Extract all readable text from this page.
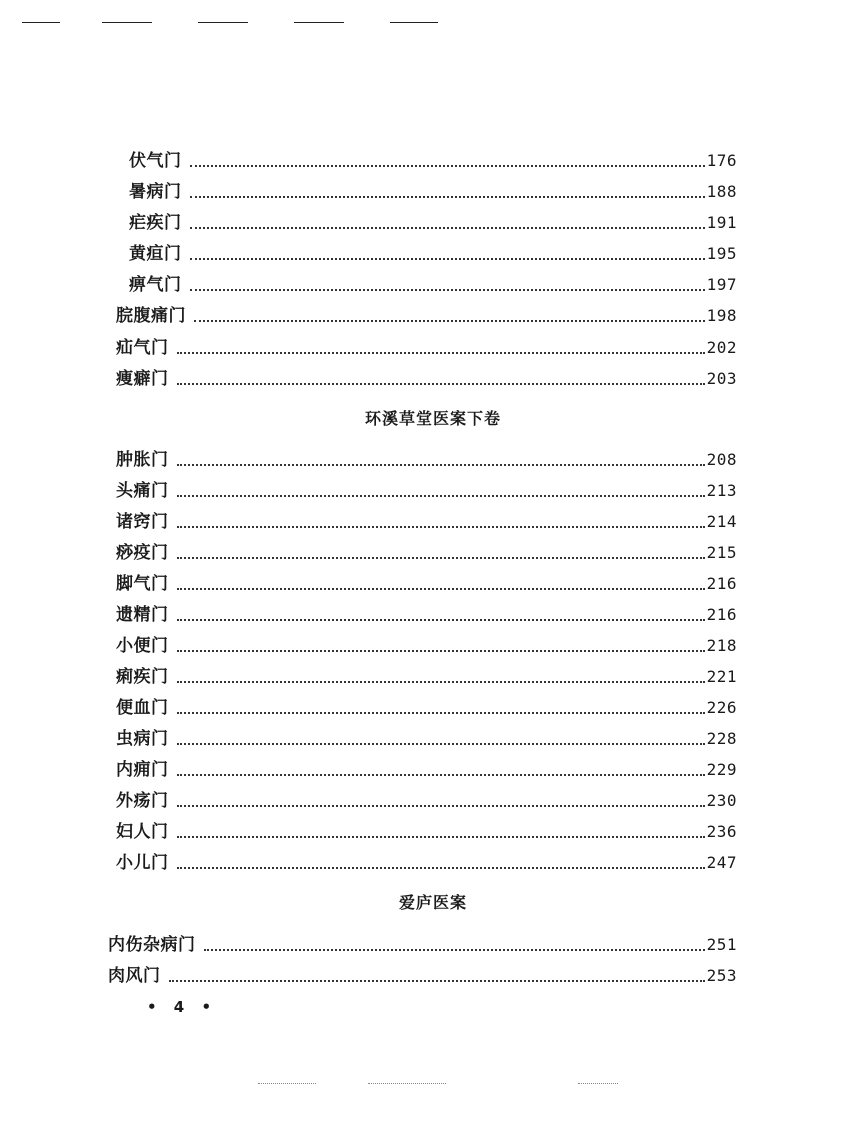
伏气门	176
暑病门	188
疟疾门	191
黄疸门	195
痹气门	197
脘腹痛门	198
疝气门	202
痩癖门	203
环溪草堂医案下卷
肿胀门	208
头痛门	213
诸窍门	214
痧疫门	215
脚气门	216
遗精门	216
小便门	218
痢疾门	221
便血门	226
虫病门	228
内痈门	229
外疡门	230
妇人门	236
小儿门	247
爱庐医案
内伤杂病门	251
肉风门	253
• 4 •
